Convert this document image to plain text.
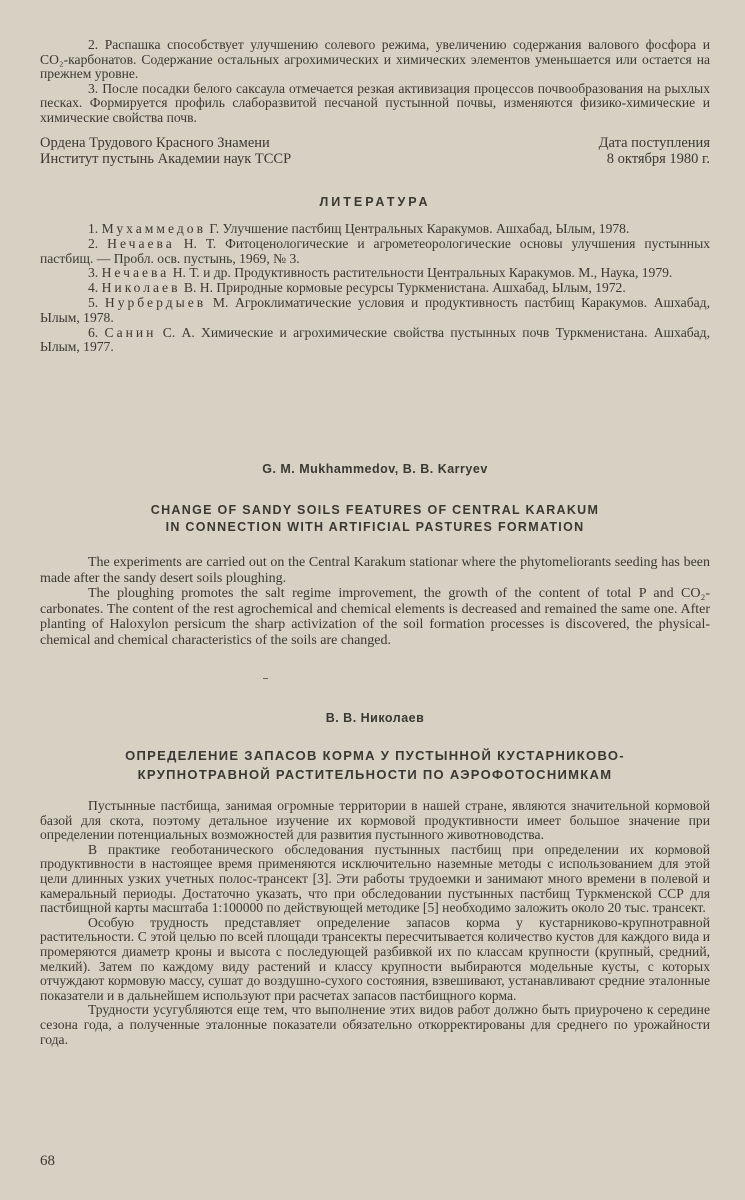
2. Распашка способствует улучшению солевого режима, увеличению содержания валового фосфора и CO₂-карбонатов. Содержание остальных агрохимических и химических элементов уменьшается или остается на прежнем уровне.

3. После посадки белого саксаула отмечается резкая активизация процессов почвообразования на рыхлых песках. Формируется профиль слаборазвитой песчаной пустынной почвы, изменяются физико-химические и химические свойства почв.

Ордена Трудового Красного Знамени
Институт пустынь Академии наук ТССР
Дата поступления
8 октября 1980 г.
ЛИТЕРАТУРА

1. Мухаммедов Г. Улучшение пастбищ Центральных Каракумов. Ашхабад, Ылым, 1978.

2. Нечаева Н. Т. Фитоценологические и агрометеорологические основы улучшения пустынных пастбищ. — Пробл. осв. пустынь, 1969, № 3.

3. Нечаева Н. Т. и др. Продуктивность растительности Центральных Каракумов. М., Наука, 1979.

4. Николаев В. Н. Природные кормовые ресурсы Туркменистана. Ашхабад, Ылым, 1972.

5. Нурбердыев М. Агроклиматические условия и продуктивность пастбищ Каракумов. Ашхабад, Ылым, 1978.

6. Санин С. А. Химические и агрохимические свойства пустынных почв Туркменистана. Ашхабад, Ылым, 1977.

G. M. Mukhammedov, B. B. Karryev
CHANGE OF SANDY SOILS FEATURES OF CENTRAL KARAKUM
IN CONNECTION WITH ARTIFICIAL PASTURES FORMATION

The experiments are carried out on the Central Karakum stationar where the phytomeliorants seeding has been made after the sandy desert soils ploughing.

The ploughing promotes the salt regime improvement, the growth of the content of total P and CO₂-carbonates. The content of the rest agrochemical and chemical elements is decreased and remained the same one. After planting of Haloxylon persicum the sharp activization of the soil formation processes is discovered, the physical-chemical and chemical characteristics of the soils are changed.

В. В. Николаев
ОПРЕДЕЛЕНИЕ ЗАПАСОВ КОРМА У ПУСТЫННОЙ КУСТАРНИКОВО-
КРУПНОТРАВНОЙ РАСТИТЕЛЬНОСТИ ПО АЭРОФОТОСНИМКАМ

Пустынные пастбища, занимая огромные территории в нашей стране, являются значительной кормовой базой для скота, поэтому детальное изучение их кормовой продуктивности имеет большое значение при определении потенциальных возможностей для развития пустынного животноводства.

В практике геоботанического обследования пустынных пастбищ при определении их кормовой продуктивности в настоящее время применяются исключительно наземные методы с использованием для этой цели длинных узких учетных полос-трансект [3]. Эти работы трудоемки и занимают много времени в полевой и камеральный периоды. Достаточно указать, что при обследовании пустынных пастбищ Туркменской ССР для пастбищной карты масштаба 1:100000 по действующей методике [5] необходимо заложить около 20 тыс. трансект.

Особую трудность представляет определение запасов корма у кустарниково-крупнотравной растительности. С этой целью по всей площади трансекты пересчитывается количество кустов для каждого вида и промеряются диаметр кроны и высота с последующей разбивкой их по классам крупности (крупный, средний, мелкий). Затем по каждому виду растений и классу крупности выбираются модельные кусты, с которых отчуждают кормовую массу, сушат до воздушно-сухого состояния, взвешивают, устанавливают средние эталонные показатели и в дальнейшем используют при расчетах запасов пастбищного корма.

Трудности усугубляются еще тем, что выполнение этих видов работ должно быть приурочено к середине сезона года, а полученные эталонные показатели обязательно откорректированы для среднего по урожайности года.

68
